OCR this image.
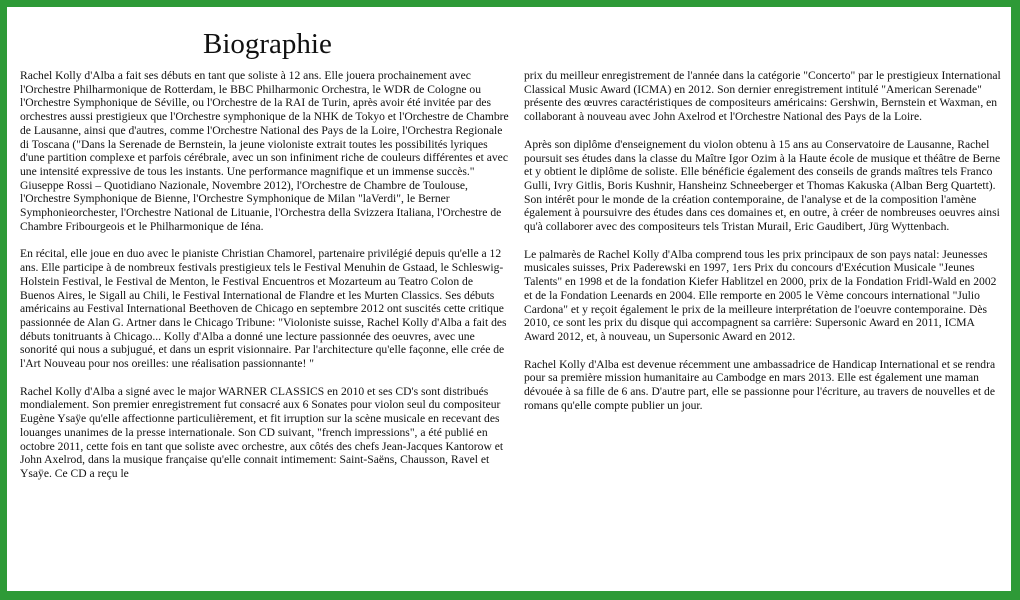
Biographie

Rachel Kolly d'Alba a fait ses débuts en tant que soliste à 12 ans. Elle jouera prochainement avec l'Orchestre Philharmonique de Rotterdam, le BBC Philharmonic Orchestra, le WDR de Cologne ou l'Orchestre Symphonique de Séville, ou l'Orchestre de la RAI de Turin, après avoir été invitée par des orchestres aussi prestigieux que l'Orchestre symphonique de la NHK de Tokyo et l'Orchestre de Chambre de Lausanne, ainsi que d'autres, comme l'Orchestre National des Pays de la Loire, l'Orchestra Regionale di Toscana ("Dans la Serenade de Bernstein, la jeune violoniste extrait toutes les possibilités lyriques d'une partition complexe et parfois cérébrale, avec un son infiniment riche de couleurs différentes et avec une intensité expressive de tous les instants. Une performance magnifique et un immense succès." Giuseppe Rossi – Quotidiano Nazionale, Novembre 2012), l'Orchestre de Chambre de Toulouse, l'Orchestre Symphonique de Bienne, l'Orchestre Symphonique de Milan "laVerdi", le Berner Symphonieorchester, l'Orchestre National de Lituanie, l'Orchestra della Svizzera Italiana, l'Orchestre de Chambre Fribourgeois et le Philharmonique de Iéna.

En récital, elle joue en duo avec le pianiste Christian Chamorel, partenaire privilégié depuis qu'elle a 12 ans. Elle participe à de nombreux festivals prestigieux tels le Festival Menuhin de Gstaad, le Schleswig-Holstein Festival, le Festival de Menton, le Festival Encuentros et Mozarteum au Teatro Colon de Buenos Aires, le Sigall au Chili, le Festival International de Flandre et les Murten Classics. Ses débuts américains au Festival International Beethoven de Chicago en septembre 2012 ont suscités cette critique passionnée de Alan G. Artner dans le Chicago Tribune: "Violoniste suisse, Rachel Kolly d'Alba a fait des débuts tonitruants à Chicago... Kolly d'Alba a donné une lecture passionnée des oeuvres, avec une sonorité qui nous a subjugué, et dans un esprit visionnaire. Par l'architecture qu'elle façonne, elle crée de l'Art Nouveau pour nos oreilles: une réalisation passionnante! "

Rachel Kolly d'Alba a signé avec le major WARNER CLASSICS en 2010 et ses CD's sont distribués mondialement. Son premier enregistrement fut consacré aux 6 Sonates pour violon seul du compositeur Eugène Ysaÿe qu'elle affectionne particulièrement, et fit irruption sur la scène musicale en recevant des louanges unanimes de la presse internationale. Son CD suivant, "french impressions", a été publié en octobre 2011, cette fois en tant que soliste avec orchestre, aux côtés des chefs Jean-Jacques Kantorow et John Axelrod, dans la musique française qu'elle connait intimement: Saint-Saëns, Chausson, Ravel et Ysaÿe. Ce CD a reçu le

prix du meilleur enregistrement de l'année dans la catégorie "Concerto" par le prestigieux International Classical Music Award (ICMA) en 2012. Son dernier enregistrement intitulé "American Serenade" présente des œuvres caractéristiques de compositeurs américains: Gershwin, Bernstein et Waxman, en collaborant à nouveau avec John Axelrod et l'Orchestre National des Pays de la Loire.

Après son diplôme d'enseignement du violon obtenu à 15 ans au Conservatoire de Lausanne, Rachel poursuit ses études dans la classe du Maître Igor Ozim à la Haute école de musique et théâtre de Berne et y obtient le diplôme de soliste. Elle bénéficie également des conseils de grands maîtres tels Franco Gulli, Ivry Gitlis, Boris Kushnir, Hansheinz Schneeberger et Thomas Kakuska (Alban Berg Quartett). Son intérêt pour le monde de la création contemporaine, de l'analyse et de la composition l'amène également à poursuivre des études dans ces domaines et, en outre, à créer de nombreuses oeuvres ainsi qu'à collaborer avec des compositeurs tels Tristan Murail, Eric Gaudibert, Jürg Wyttenbach.

Le palmarès de Rachel Kolly d'Alba comprend tous les prix principaux de son pays natal: Jeunesses musicales suisses, Prix Paderewski en 1997, 1ers Prix du concours d'Exécution Musicale "Jeunes Talents" en 1998 et de la fondation Kiefer Hablitzel en 2000, prix de la Fondation Fridl-Wald en 2002 et de la Fondation Leenards en 2004. Elle remporte en 2005 le Vème concours international "Julio Cardona" et y reçoit également le prix de la meilleure interprétation de l'oeuvre contemporaine. Dès 2010, ce sont les prix du disque qui accompagnent sa carrière: Supersonic Award en 2011, ICMA Award 2012, et, à nouveau, un Supersonic Award en 2012.

Rachel Kolly d'Alba est devenue récemment une ambassadrice de Handicap International et se rendra pour sa première mission humanitaire au Cambodge en mars 2013. Elle est également une maman dévouée à sa fille de 6 ans. D'autre part, elle se passionne pour l'écriture, au travers de nouvelles et de romans qu'elle compte publier un jour.
